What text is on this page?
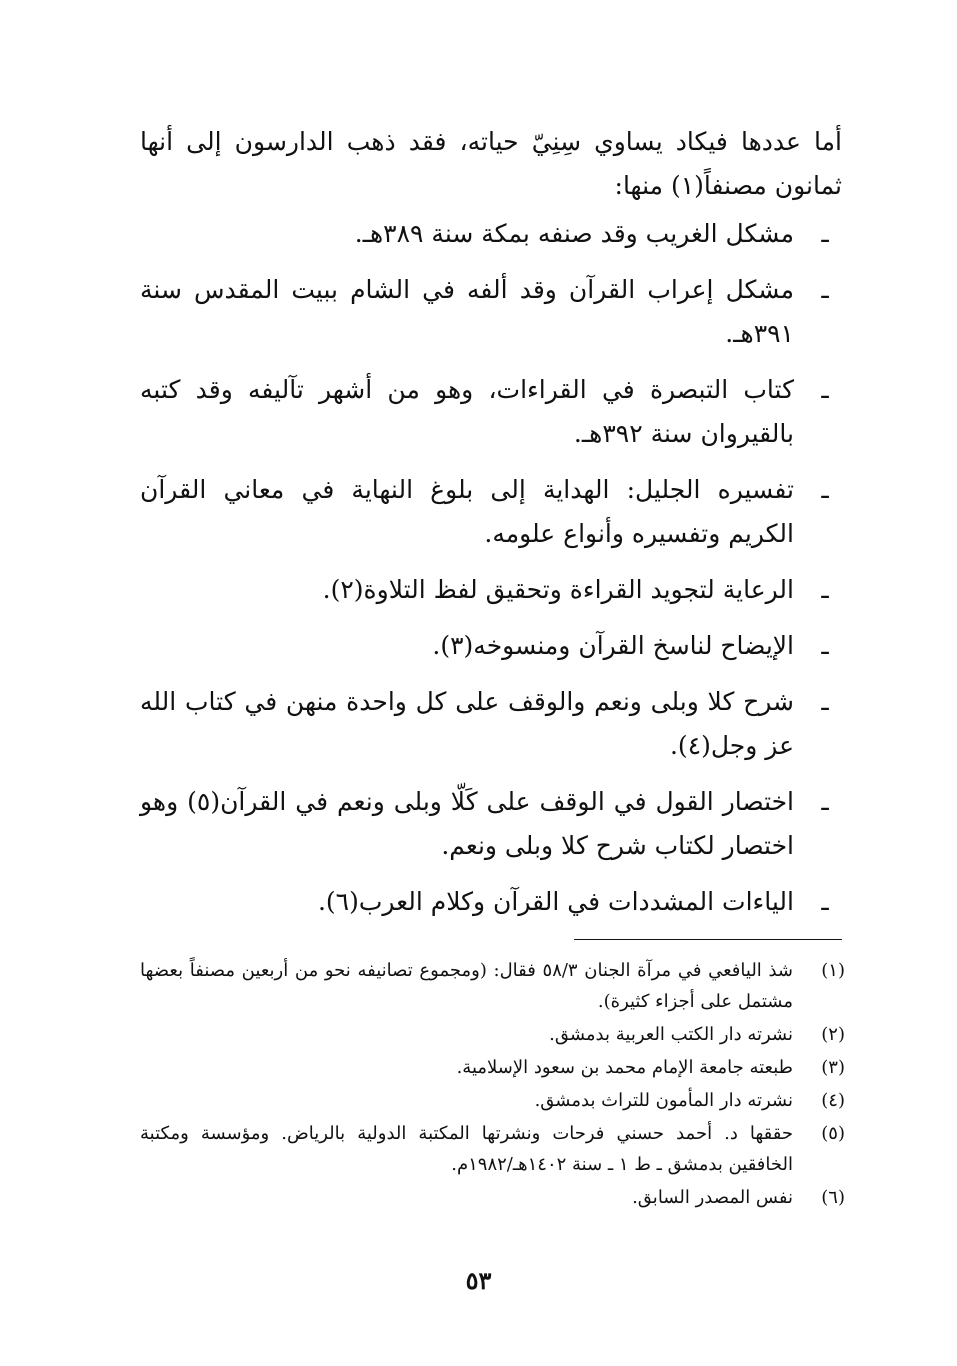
أما عددها فيكاد يساوي سِنِيّ حياته، فقد ذهب الدارسون إلى أنها ثمانون مصنفاً(١) منها:

ـ
مشكل الغريب وقد صنفه بمكة سنة ٣٨٩هـ.
ـ
مشكل إعراب القرآن وقد ألفه في الشام ببيت المقدس سنة ٣٩١هـ.
ـ
كتاب التبصرة في القراءات، وهو من أشهر تآليفه وقد كتبه بالقيروان سنة ٣٩٢هـ.
ـ
تفسيره الجليل: الهداية إلى بلوغ النهاية في معاني القرآن الكريم وتفسيره وأنواع علومه.
ـ
الرعاية لتجويد القراءة وتحقيق لفظ التلاوة(٢).
ـ
الإيضاح لناسخ القرآن ومنسوخه(٣).
ـ
شرح كلا وبلى ونعم والوقف على كل واحدة منهن في كتاب الله عز وجل(٤).
ـ
اختصار القول في الوقف على كَلّا وبلى ونعم في القرآن(٥) وهو اختصار لكتاب شرح كلا وبلى ونعم.
ـ
الياءات المشددات في القرآن وكلام العرب(٦).
(١)
شذ اليافعي في مرآة الجنان ٥٨/٣ فقال: (ومجموع تصانيفه نحو من أربعين مصنفاً بعضها مشتمل على أجزاء كثيرة).
(٢)
نشرته دار الكتب العربية بدمشق.
(٣)
طبعته جامعة الإمام محمد بن سعود الإسلامية.
(٤)
نشرته دار المأمون للتراث بدمشق.
(٥)
حققها د. أحمد حسني فرحات ونشرتها المكتبة الدولية بالرياض. ومؤسسة ومكتبة الخافقين بدمشق ـ ط ١ ـ سنة ١٤٠٢هـ/١٩٨٢م.
(٦)
نفس المصدر السابق.
٥٣
